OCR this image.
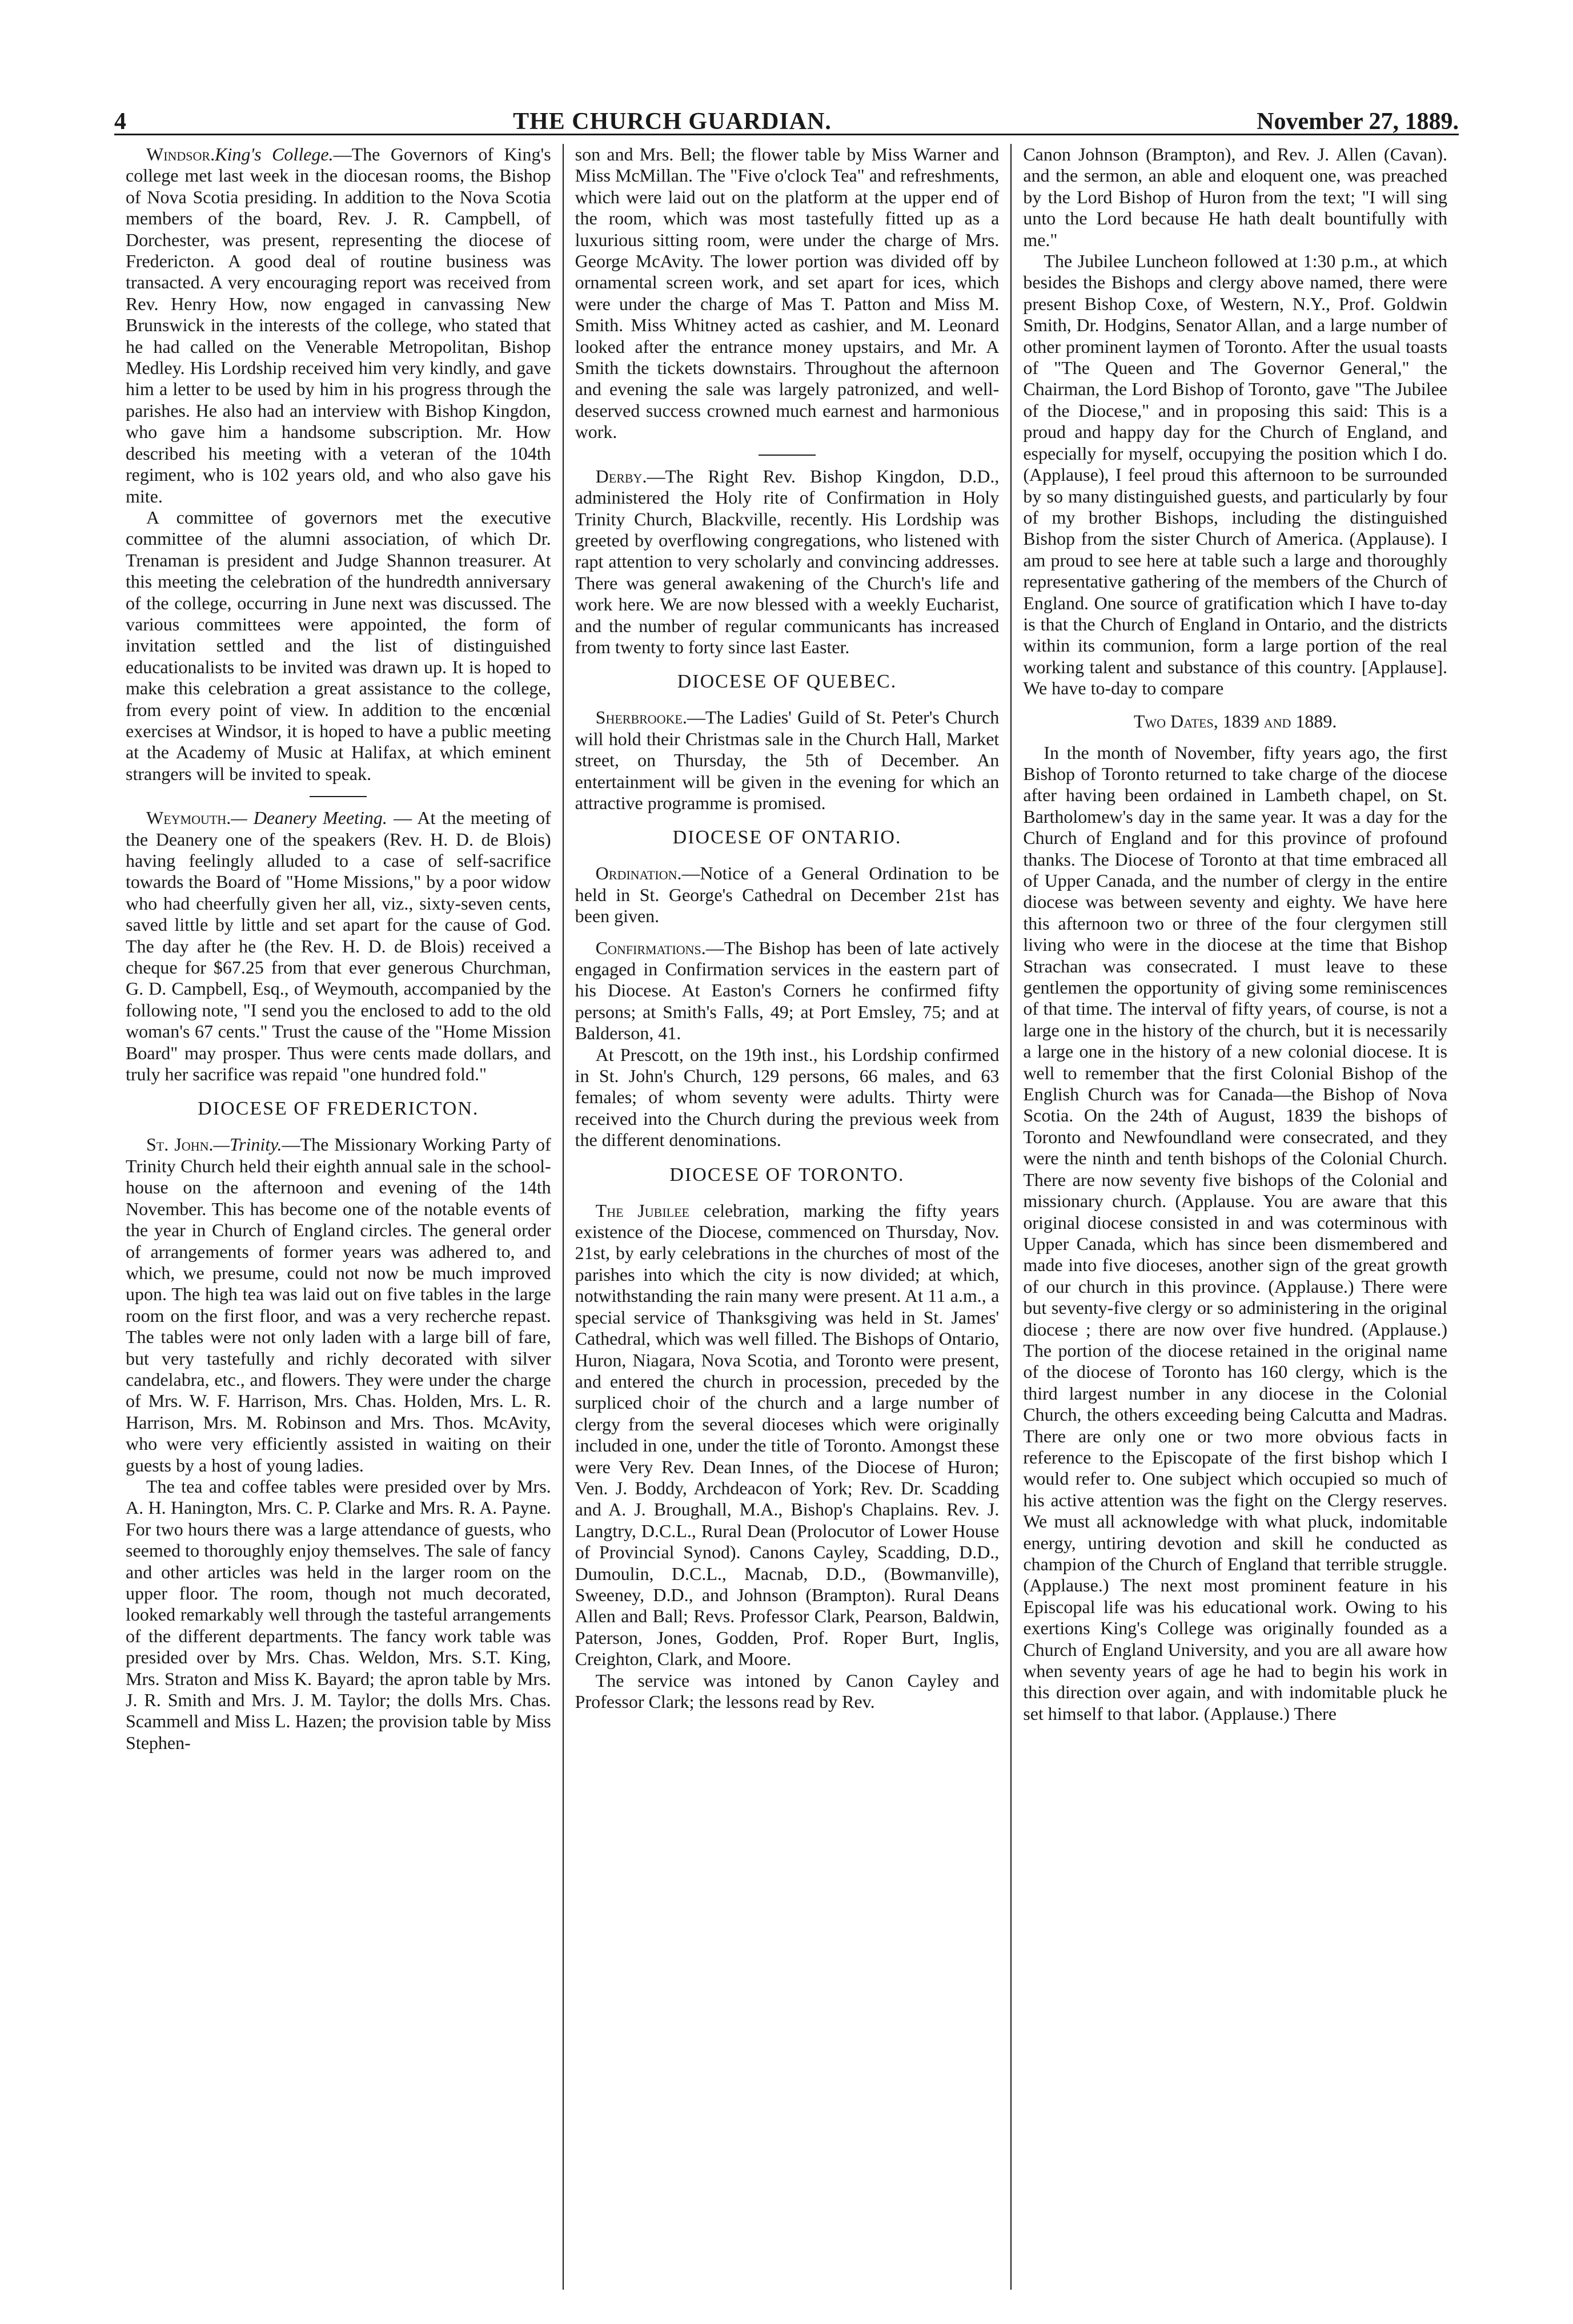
4	THE CHURCH GUARDIAN.	November 27, 1889.

Windsor.King's College.—The Governors of King's college met last week in the diocesan rooms, the Bishop of Nova Scotia presiding. In addition to the Nova Scotia members of the board, Rev. J. R. Campbell, of Dorchester, was present, representing the diocese of Fredericton. A good deal of routine business was transacted. A very encouraging report was received from Rev. Henry How, now engaged in canvassing New Brunswick in the interests of the college, who stated that he had called on the Venerable Metropolitan, Bishop Medley. His Lordship received him very kindly, and gave him a letter to be used by him in his progress through the parishes. He also had an interview with Bishop Kingdon, who gave him a handsome subscription. Mr. How described his meeting with a veteran of the 104th regiment, who is 102 years old, and who also gave his mite.

A committee of governors met the executive committee of the alumni association, of which Dr. Trenaman is president and Judge Shannon treasurer. At this meeting the celebration of the hundredth anniversary of the college, occurring in June next was discussed. The various committees were appointed, the form of invitation settled and the list of distinguished educationalists to be invited was drawn up. It is hoped to make this celebration a great assistance to the college, from every point of view. In addition to the encœnial exercises at Windsor, it is hoped to have a public meeting at the Academy of Music at Halifax, at which eminent strangers will be invited to speak.

Weymouth.— Deanery Meeting. — At the meeting of the Deanery one of the speakers (Rev. H. D. de Blois) having feelingly alluded to a case of self-sacrifice towards the Board of "Home Missions," by a poor widow who had cheerfully given her all, viz., sixty-seven cents, saved little by little and set apart for the cause of God. The day after he (the Rev. H. D. de Blois) received a cheque for $67.25 from that ever generous Churchman, G. D. Campbell, Esq., of Weymouth, accompanied by the following note, "I send you the enclosed to add to the old woman's 67 cents." Trust the cause of the "Home Mission Board" may prosper. Thus were cents made dollars, and truly her sacrifice was repaid "one hundred fold."

DIOCESE OF FREDERICTON.

St. John.—Trinity.—The Missionary Working Party of Trinity Church held their eighth annual sale in the school-house on the afternoon and evening of the 14th November. This has become one of the notable events of the year in Church of England circles. The general order of arrangements of former years was adhered to, and which, we presume, could not now be much improved upon. The high tea was laid out on five tables in the large room on the first floor, and was a very recherche repast. The tables were not only laden with a large bill of fare, but very tastefully and richly decorated with silver candelabra, etc., and flowers. They were under the charge of Mrs. W. F. Harrison, Mrs. Chas. Holden, Mrs. L. R. Harrison, Mrs. M. Robinson and Mrs. Thos. McAvity, who were very efficiently assisted in waiting on their guests by a host of young ladies.

The tea and coffee tables were presided over by Mrs. A. H. Hanington, Mrs. C. P. Clarke and Mrs. R. A. Payne. For two hours there was a large attendance of guests, who seemed to thoroughly enjoy themselves. The sale of fancy and other articles was held in the larger room on the upper floor. The room, though not much decorated, looked remarkably well through the tasteful arrangements of the different departments. The fancy work table was presided over by Mrs. Chas. Weldon, Mrs. S.T. King, Mrs. Straton and Miss K. Bayard; the apron table by Mrs. J. R. Smith and Mrs. J. M. Taylor; the dolls Mrs. Chas. Scammell and Miss L. Hazen; the provision table by Miss Stephen-

son and Mrs. Bell; the flower table by Miss Warner and Miss McMillan. The "Five o'clock Tea" and refreshments, which were laid out on the platform at the upper end of the room, which was most tastefully fitted up as a luxurious sitting room, were under the charge of Mrs. George McAvity. The lower portion was divided off by ornamental screen work, and set apart for ices, which were under the charge of Mas T. Patton and Miss M. Smith. Miss Whitney acted as cashier, and M. Leonard looked after the entrance money upstairs, and Mr. A Smith the tickets downstairs. Throughout the afternoon and evening the sale was largely patronized, and well-deserved success crowned much earnest and harmonious work.

Derby.—The Right Rev. Bishop Kingdon, D.D., administered the Holy rite of Confirmation in Holy Trinity Church, Blackville, recently. His Lordship was greeted by overflowing congregations, who listened with rapt attention to very scholarly and convincing addresses. There was general awakening of the Church's life and work here. We are now blessed with a weekly Eucharist, and the number of regular communicants has increased from twenty to forty since last Easter.

DIOCESE OF QUEBEC.

Sherbrooke.—The Ladies' Guild of St. Peter's Church will hold their Christmas sale in the Church Hall, Market street, on Thursday, the 5th of December. An entertainment will be given in the evening for which an attractive programme is promised.

DIOCESE OF ONTARIO.

Ordination.—Notice of a General Ordination to be held in St. George's Cathedral on December 21st has been given.

Confirmations.—The Bishop has been of late actively engaged in Confirmation services in the eastern part of his Diocese. At Easton's Corners he confirmed fifty persons; at Smith's Falls, 49; at Port Emsley, 75; and at Balderson, 41.

At Prescott, on the 19th inst., his Lordship confirmed in St. John's Church, 129 persons, 66 males, and 63 females; of whom seventy were adults. Thirty were received into the Church during the previous week from the different denominations.

DIOCESE OF TORONTO.

The Jubilee celebration, marking the fifty years existence of the Diocese, commenced on Thursday, Nov. 21st, by early celebrations in the churches of most of the parishes into which the city is now divided; at which, notwithstanding the rain many were present. At 11 a.m., a special service of Thanksgiving was held in St. James' Cathedral, which was well filled. The Bishops of Ontario, Huron, Niagara, Nova Scotia, and Toronto were present, and entered the church in procession, preceded by the surpliced choir of the church and a large number of clergy from the several dioceses which were originally included in one, under the title of Toronto. Amongst these were Very Rev. Dean Innes, of the Diocese of Huron; Ven. J. Boddy, Archdeacon of York; Rev. Dr. Scadding and A. J. Broughall, M.A., Bishop's Chaplains. Rev. J. Langtry, D.C.L., Rural Dean (Prolocutor of Lower House of Provincial Synod). Canons Cayley, Scadding, D.D., Dumoulin, D.C.L., Macnab, D.D., (Bowmanville), Sweeney, D.D., and Johnson (Brampton). Rural Deans Allen and Ball; Revs. Professor Clark, Pearson, Baldwin, Paterson, Jones, Godden, Prof. Roper Burt, Inglis, Creighton, Clark, and Moore.

The service was intoned by Canon Cayley and Professor Clark; the lessons read by Rev.

Canon Johnson (Brampton), and Rev. J. Allen (Cavan). and the sermon, an able and eloquent one, was preached by the Lord Bishop of Huron from the text; "I will sing unto the Lord because He hath dealt bountifully with me."

The Jubilee Luncheon followed at 1:30 p.m., at which besides the Bishops and clergy above named, there were present Bishop Coxe, of Western, N.Y., Prof. Goldwin Smith, Dr. Hodgins, Senator Allan, and a large number of other prominent laymen of Toronto. After the usual toasts of "The Queen and The Governor General," the Chairman, the Lord Bishop of Toronto, gave "The Jubilee of the Diocese," and in proposing this said: This is a proud and happy day for the Church of England, and especially for myself, occupying the position which I do. (Applause), I feel proud this afternoon to be surrounded by so many distinguished guests, and particularly by four of my brother Bishops, including the distinguished Bishop from the sister Church of America. (Applause). I am proud to see here at table such a large and thoroughly representative gathering of the members of the Church of England. One source of gratification which I have to-day is that the Church of England in Ontario, and the districts within its communion, form a large portion of the real working talent and substance of this country. [Applause]. We have to-day to compare

Two Dates, 1839 and 1889.

In the month of November, fifty years ago, the first Bishop of Toronto returned to take charge of the diocese after having been ordained in Lambeth chapel, on St. Bartholomew's day in the same year. It was a day for the Church of England and for this province of profound thanks. The Diocese of Toronto at that time embraced all of Upper Canada, and the number of clergy in the entire diocese was between seventy and eighty. We have here this afternoon two or three of the four clergymen still living who were in the diocese at the time that Bishop Strachan was consecrated. I must leave to these gentlemen the opportunity of giving some reminiscences of that time. The interval of fifty years, of course, is not a large one in the history of the church, but it is necessarily a large one in the history of a new colonial diocese. It is well to remember that the first Colonial Bishop of the English Church was for Canada—the Bishop of Nova Scotia. On the 24th of August, 1839 the bishops of Toronto and Newfoundland were consecrated, and they were the ninth and tenth bishops of the Colonial Church. There are now seventy five bishops of the Colonial and missionary church. (Applause. You are aware that this original diocese consisted in and was coterminous with Upper Canada, which has since been dismembered and made into five dioceses, another sign of the great growth of our church in this province. (Applause.) There were but seventy-five clergy or so administering in the original diocese ; there are now over five hundred. (Applause.) The portion of the diocese retained in the original name of the diocese of Toronto has 160 clergy, which is the third largest number in any diocese in the Colonial Church, the others exceeding being Calcutta and Madras. There are only one or two more obvious facts in reference to the Episcopate of the first bishop which I would refer to. One subject which occupied so much of his active attention was the fight on the Clergy reserves. We must all acknowledge with what pluck, indomitable energy, untiring devotion and skill he conducted as champion of the Church of England that terrible struggle. (Applause.) The next most prominent feature in his Episcopal life was his educational work. Owing to his exertions King's College was originally founded as a Church of England University, and you are all aware how when seventy years of age he had to begin his work in this direction over again, and with indomitable pluck he set himself to that labor. (Applause.) There
